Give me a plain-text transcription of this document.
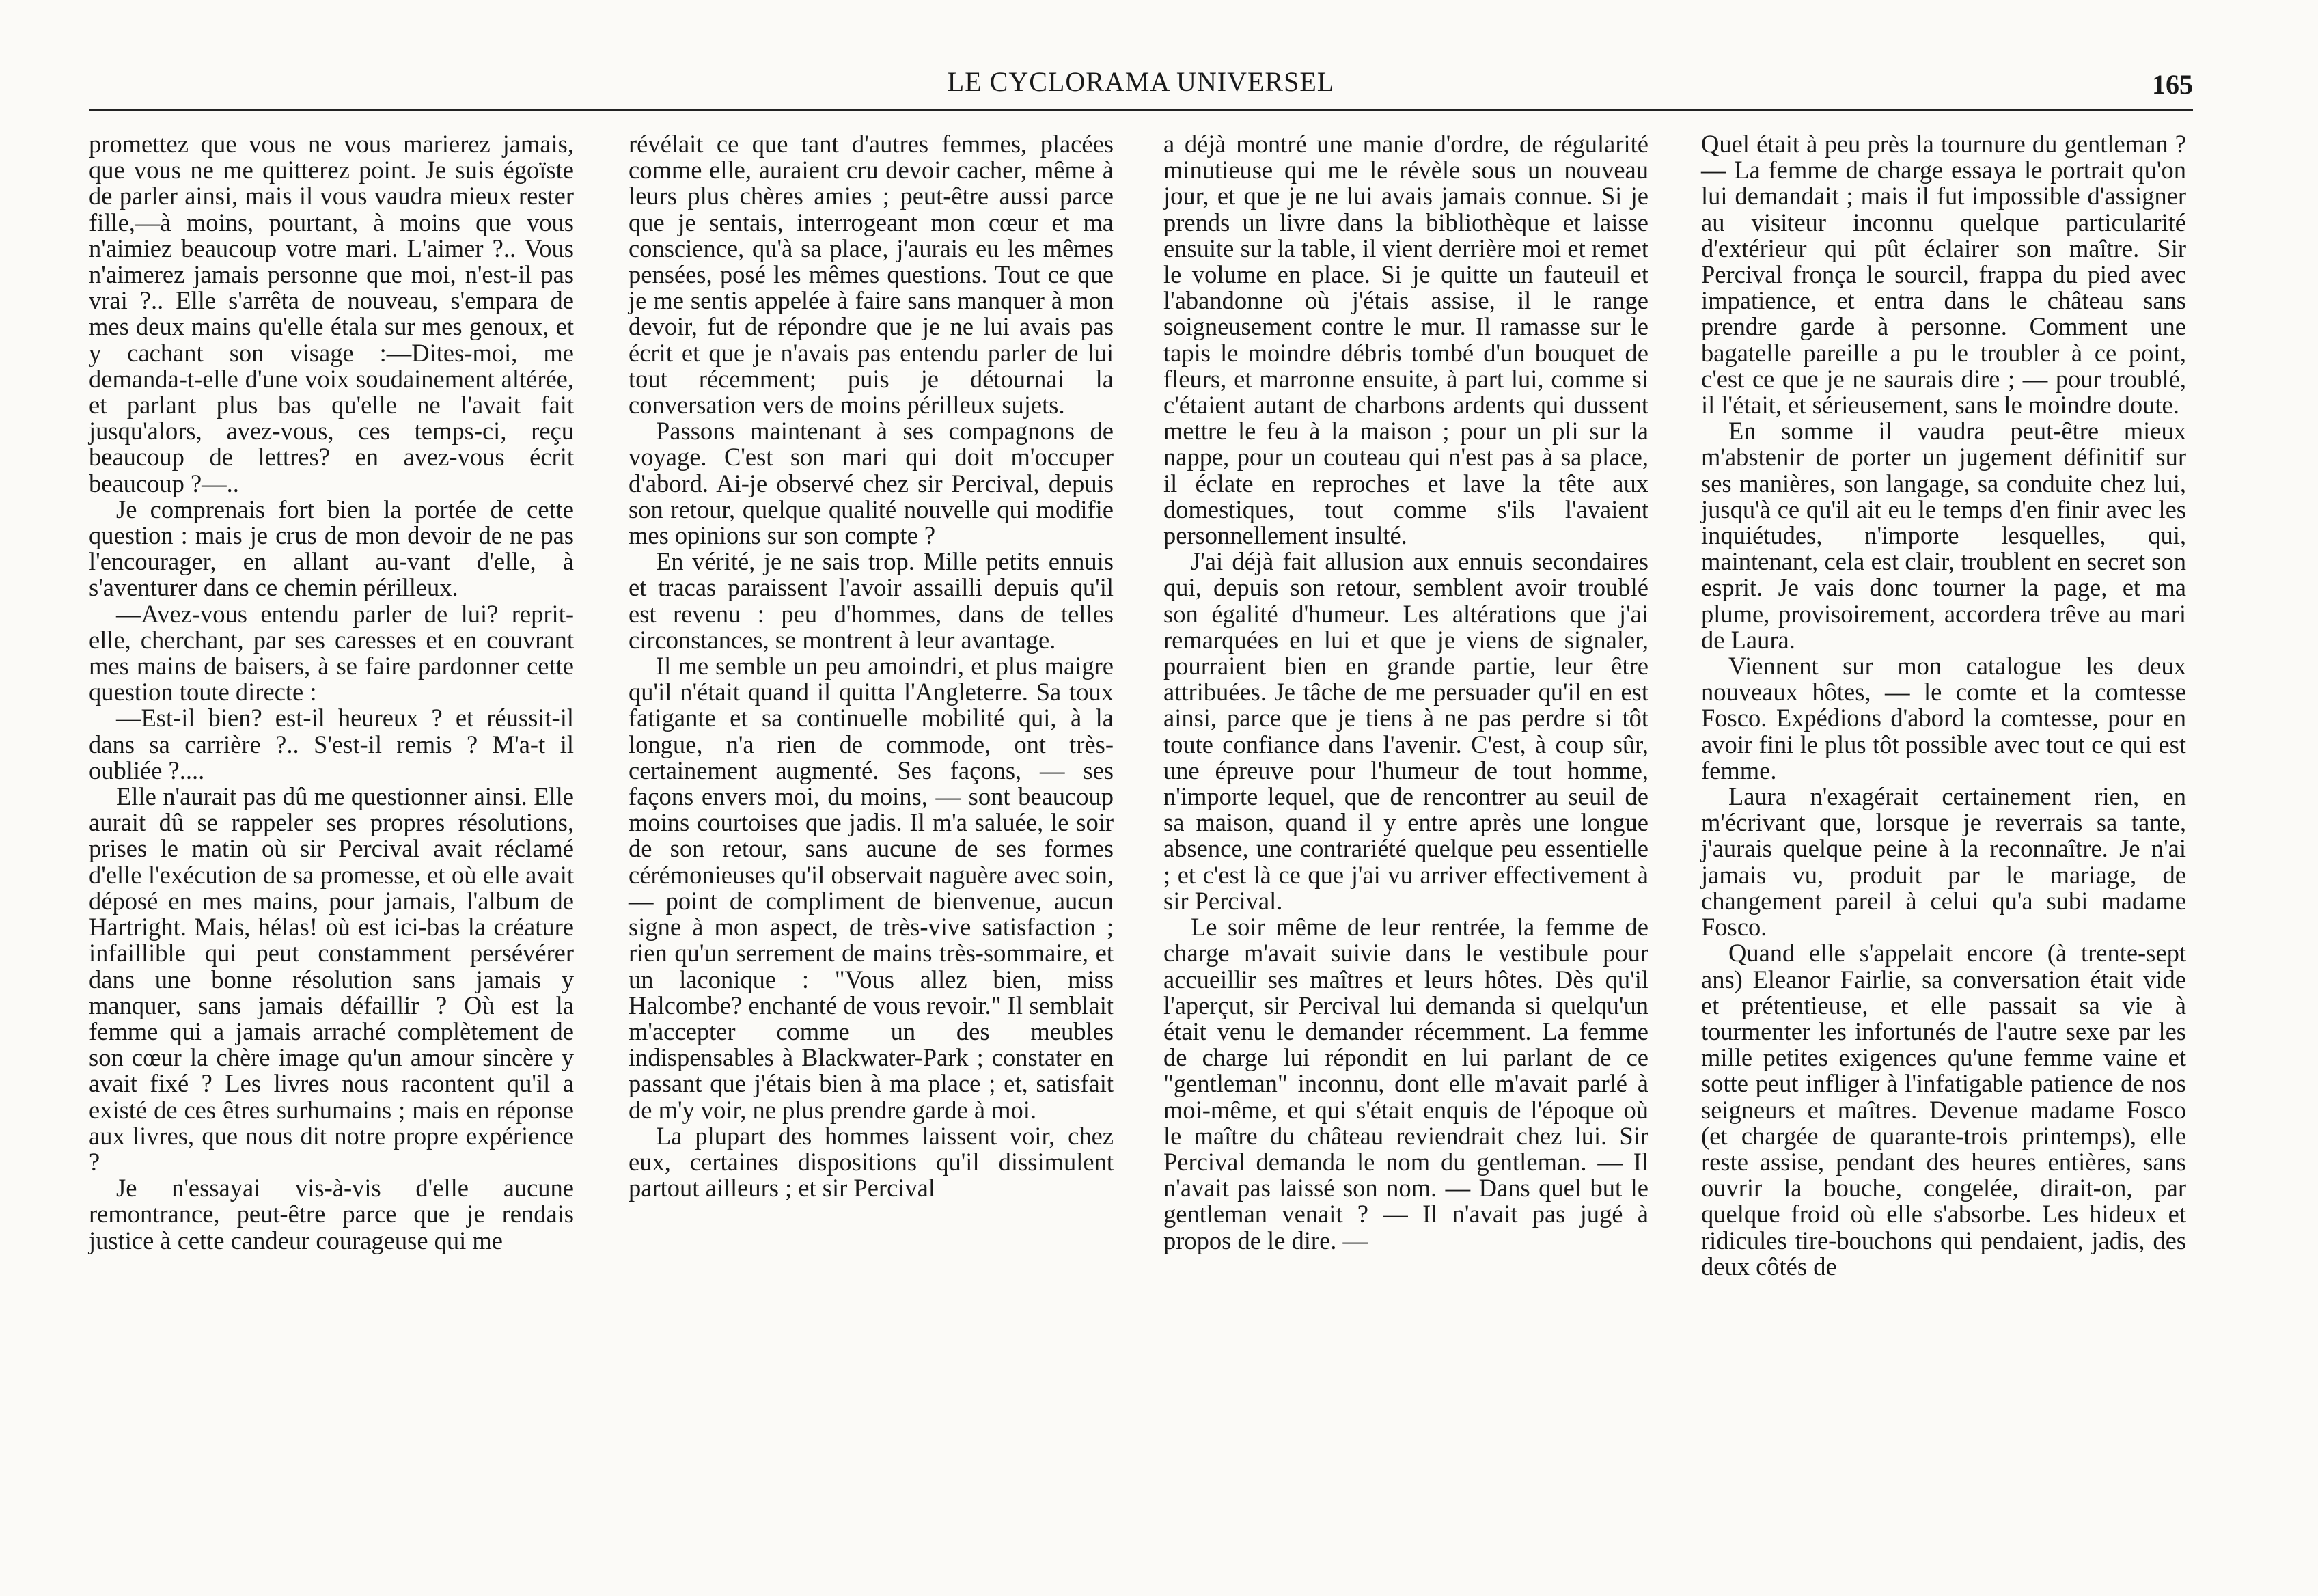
LE CYCLORAMA UNIVERSEL	165

promettez que vous ne vous marierez jamais, que vous ne me quitterez point. Je suis égoïste de parler ainsi, mais il vous vaudra mieux rester fille,—à moins, pourtant, à moins que vous n'aimiez beaucoup votre mari. L'aimer ?.. Vous n'aimerez jamais personne que moi, n'est-il pas vrai ?.. Elle s'arrêta de nouveau, s'empara de mes deux mains qu'elle étala sur mes genoux, et y cachant son visage :—Dites-moi, me demanda-t-elle d'une voix soudainement altérée, et parlant plus bas qu'elle ne l'avait fait jusqu'alors, avez-vous, ces temps-ci, reçu beaucoup de lettres? en avez-vous écrit beaucoup ?—..

Je comprenais fort bien la portée de cette question : mais je crus de mon devoir de ne pas l'encourager, en allant au-vant d'elle, à s'aventurer dans ce chemin périlleux.

—Avez-vous entendu parler de lui? reprit-elle, cherchant, par ses caresses et en couvrant mes mains de baisers, à se faire pardonner cette question toute directe :

—Est-il bien? est-il heureux ? et réussit-il dans sa carrière ?.. S'est-il remis ? M'a-t il oubliée ?....

Elle n'aurait pas dû me questionner ainsi. Elle aurait dû se rappeler ses propres résolutions, prises le matin où sir Percival avait réclamé d'elle l'exécution de sa promesse, et où elle avait déposé en mes mains, pour jamais, l'album de Hartright. Mais, hélas! où est ici-bas la créature infaillible qui peut constamment persévérer dans une bonne résolution sans jamais y manquer, sans jamais défaillir ? Où est la femme qui a jamais arraché complètement de son cœur la chère image qu'un amour sincère y avait fixé ? Les livres nous racontent qu'il a existé de ces êtres surhumains ; mais en réponse aux livres, que nous dit notre propre expérience ?

Je n'essayai vis-à-vis d'elle aucune remontrance, peut-être parce que je rendais justice à cette candeur courageuse qui me

révélait ce que tant d'autres femmes, placées comme elle, auraient cru devoir cacher, même à leurs plus chères amies ; peut-être aussi parce que je sentais, interrogeant mon cœur et ma conscience, qu'à sa place, j'aurais eu les mêmes pensées, posé les mêmes questions. Tout ce que je me sentis appelée à faire sans manquer à mon devoir, fut de répondre que je ne lui avais pas écrit et que je n'avais pas entendu parler de lui tout récemment; puis je détournai la conversation vers de moins périlleux sujets.

Passons maintenant à ses compagnons de voyage. C'est son mari qui doit m'occuper d'abord. Ai-je observé chez sir Percival, depuis son retour, quelque qualité nouvelle qui modifie mes opinions sur son compte ?

En vérité, je ne sais trop. Mille petits ennuis et tracas paraissent l'avoir assailli depuis qu'il est revenu : peu d'hommes, dans de telles circonstances, se montrent à leur avantage.

Il me semble un peu amoindri, et plus maigre qu'il n'était quand il quitta l'Angleterre. Sa toux fatigante et sa continuelle mobilité qui, à la longue, n'a rien de commode, ont très-certainement augmenté. Ses façons, — ses façons envers moi, du moins, — sont beaucoup moins courtoises que jadis. Il m'a saluée, le soir de son retour, sans aucune de ses formes cérémonieuses qu'il observait naguère avec soin, — point de compliment de bienvenue, aucun signe à mon aspect, de très-vive satisfaction ; rien qu'un serrement de mains très-sommaire, et un laconique : "Vous allez bien, miss Halcombe? enchanté de vous revoir." Il semblait m'accepter comme un des meubles indispensables à Blackwater-Park ; constater en passant que j'étais bien à ma place ; et, satisfait de m'y voir, ne plus prendre garde à moi.

La plupart des hommes laissent voir, chez eux, certaines dispositions qu'il dissimulent partout ailleurs ; et sir Percival

a déjà montré une manie d'ordre, de régularité minutieuse qui me le révèle sous un nouveau jour, et que je ne lui avais jamais connue. Si je prends un livre dans la bibliothèque et laisse ensuite sur la table, il vient derrière moi et remet le volume en place. Si je quitte un fauteuil et l'abandonne où j'étais assise, il le range soigneusement contre le mur. Il ramasse sur le tapis le moindre débris tombé d'un bouquet de fleurs, et marronne ensuite, à part lui, comme si c'étaient autant de charbons ardents qui dussent mettre le feu à la maison ; pour un pli sur la nappe, pour un couteau qui n'est pas à sa place, il éclate en reproches et lave la tête aux domestiques, tout comme s'ils l'avaient personnellement insulté.

J'ai déjà fait allusion aux ennuis secondaires qui, depuis son retour, semblent avoir troublé son égalité d'humeur. Les altérations que j'ai remarquées en lui et que je viens de signaler, pourraient bien en grande partie, leur être attribuées. Je tâche de me persuader qu'il en est ainsi, parce que je tiens à ne pas perdre si tôt toute confiance dans l'avenir. C'est, à coup sûr, une épreuve pour l'humeur de tout homme, n'importe lequel, que de rencontrer au seuil de sa maison, quand il y entre après une longue absence, une contrariété quelque peu essentielle ; et c'est là ce que j'ai vu arriver effectivement à sir Percival.

Le soir même de leur rentrée, la femme de charge m'avait suivie dans le vestibule pour accueillir ses maîtres et leurs hôtes. Dès qu'il l'aperçut, sir Percival lui demanda si quelqu'un était venu le demander récemment. La femme de charge lui répondit en lui parlant de ce "gentleman" inconnu, dont elle m'avait parlé à moi-même, et qui s'était enquis de l'époque où le maître du château reviendrait chez lui. Sir Percival demanda le nom du gentleman. — Il n'avait pas laissé son nom. — Dans quel but le gentleman venait ? — Il n'avait pas jugé à propos de le dire. —

Quel était à peu près la tournure du gentleman ? — La femme de charge essaya le portrait qu'on lui demandait ; mais il fut impossible d'assigner au visiteur inconnu quelque particularité d'extérieur qui pût éclairer son maître. Sir Percival fronça le sourcil, frappa du pied avec impatience, et entra dans le château sans prendre garde à personne. Comment une bagatelle pareille a pu le troubler à ce point, c'est ce que je ne saurais dire ; — pour troublé, il l'était, et sérieusement, sans le moindre doute.

En somme il vaudra peut-être mieux m'abstenir de porter un jugement définitif sur ses manières, son langage, sa conduite chez lui, jusqu'à ce qu'il ait eu le temps d'en finir avec les inquiétudes, n'importe lesquelles, qui, maintenant, cela est clair, troublent en secret son esprit. Je vais donc tourner la page, et ma plume, provisoirement, accordera trêve au mari de Laura.

Viennent sur mon catalogue les deux nouveaux hôtes, — le comte et la comtesse Fosco. Expédions d'abord la comtesse, pour en avoir fini le plus tôt possible avec tout ce qui est femme.

Laura n'exagérait certainement rien, en m'écrivant que, lorsque je reverrais sa tante, j'aurais quelque peine à la reconnaître. Je n'ai jamais vu, produit par le mariage, de changement pareil à celui qu'a subi madame Fosco.

Quand elle s'appelait encore (à trente-sept ans) Eleanor Fairlie, sa conversation était vide et prétentieuse, et elle passait sa vie à tourmenter les infortunés de l'autre sexe par les mille petites exigences qu'une femme vaine et sotte peut infliger à l'infatigable patience de nos seigneurs et maîtres. Devenue madame Fosco (et chargée de quarante-trois printemps), elle reste assise, pendant des heures entières, sans ouvrir la bouche, congelée, dirait-on, par quelque froid où elle s'absorbe. Les hideux et ridicules tire-bouchons qui pendaient, jadis, des deux côtés de
